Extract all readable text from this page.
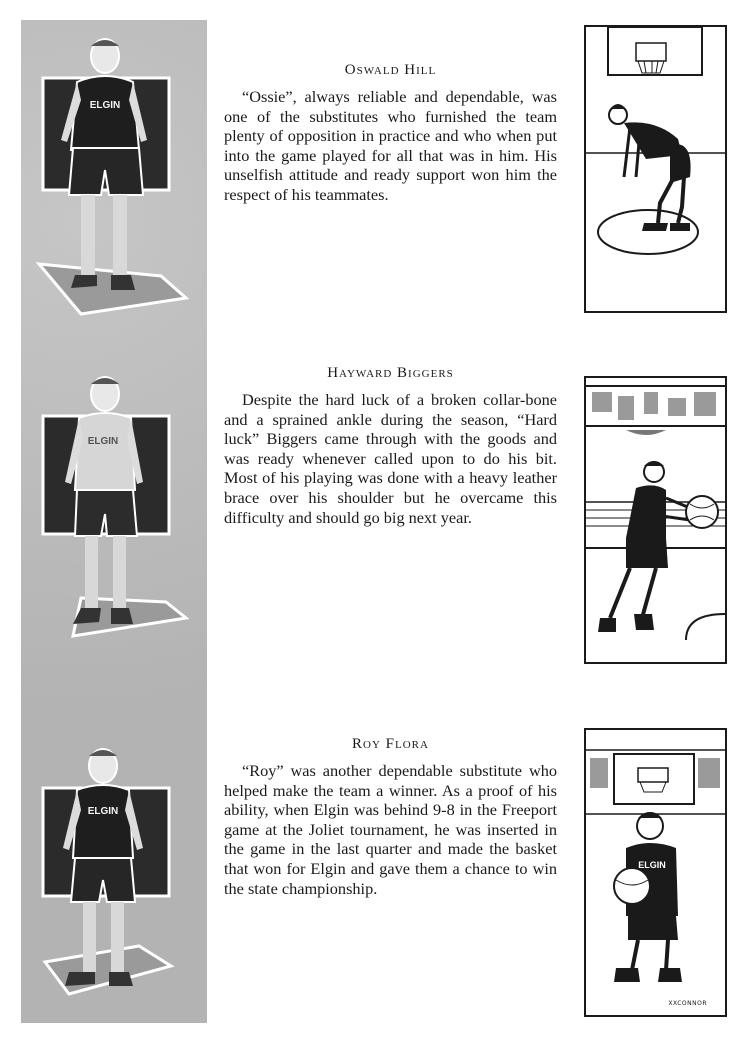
ELGIN
ELGIN
ELGIN
Oswald Hill

“Ossie”, always reliable and dependable, was one of the substitutes who furnished the team plenty of opposition in practice and who when put into the game played for all that was in him. His unselfish attitude and ready support won him the respect of his teammates.

Hayward Biggers

Despite the hard luck of a broken collar-bone and a sprained ankle during the season, “Hard luck” Biggers came through with the goods and was ready whenever called upon to do his bit. Most of his playing was done with a heavy leather brace over his shoulder but he overcame this difficulty and should go big next year.

Roy Flora

“Roy” was another dependable substitute who helped make the team a winner. As a proof of his ability, when Elgin was behind 9-8 in the Freeport game at the Joliet tournament, he was inserted in the game in the last quarter and made the basket that won for Elgin and gave them a chance to win the state championship.

ELGIN
XXCONNOR
